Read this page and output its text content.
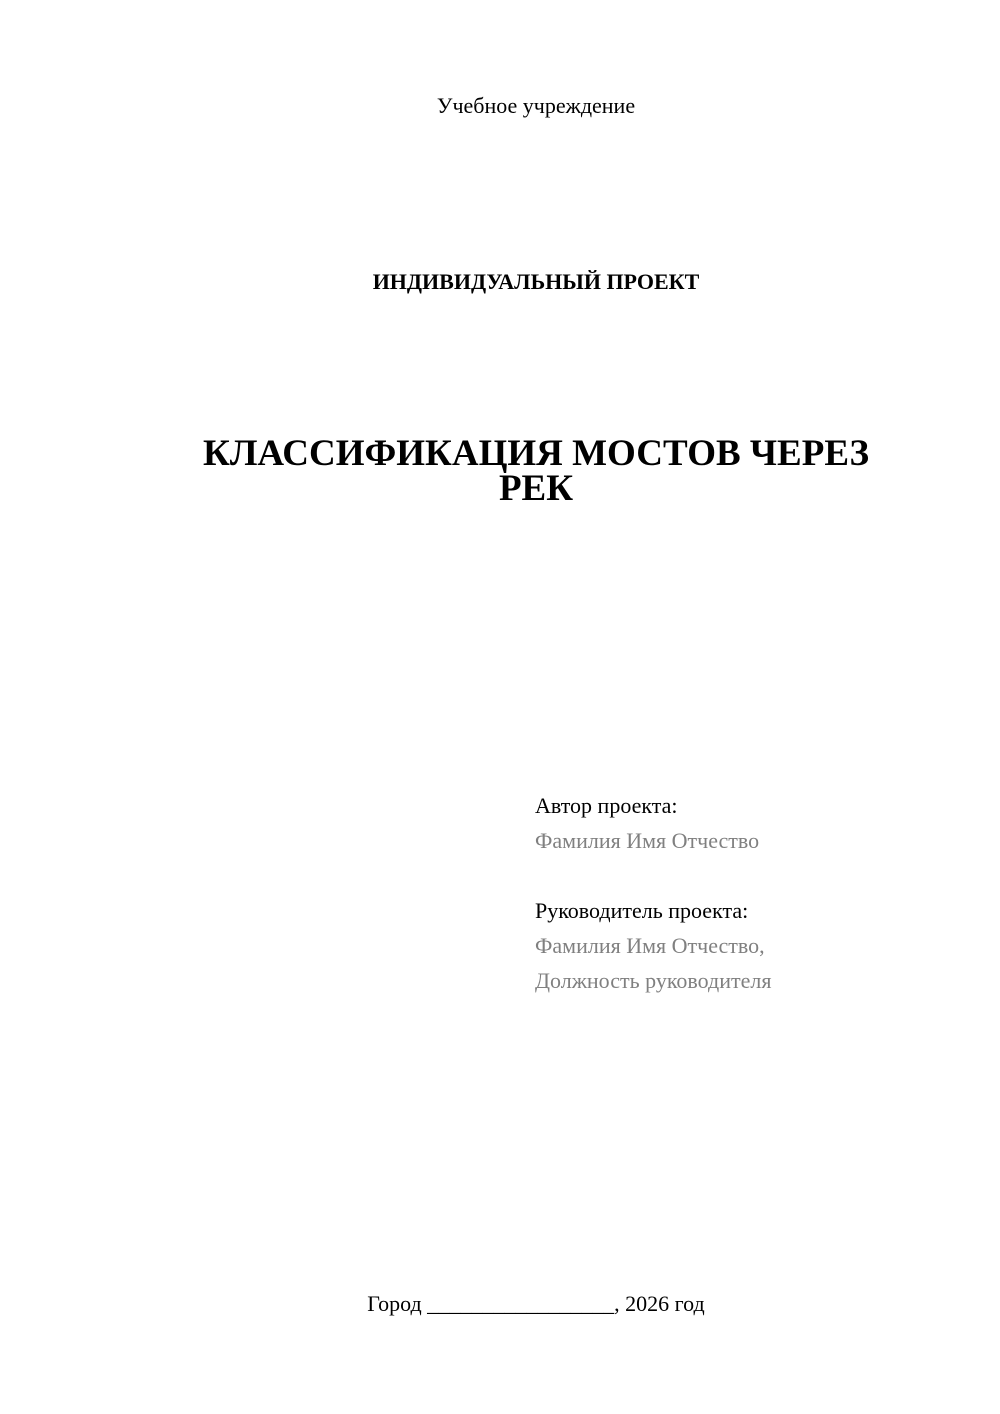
Учебное учреждение
ИНДИВИДУАЛЬНЫЙ ПРОЕКТ
КЛАССИФИКАЦИЯ МОСТОВ ЧЕРЕЗ
РЕК
Автор проекта:
Фамилия Имя Отчество
Руководитель проекта:
Фамилия Имя Отчество,
Должность руководителя
Город _________________, 2026 год
